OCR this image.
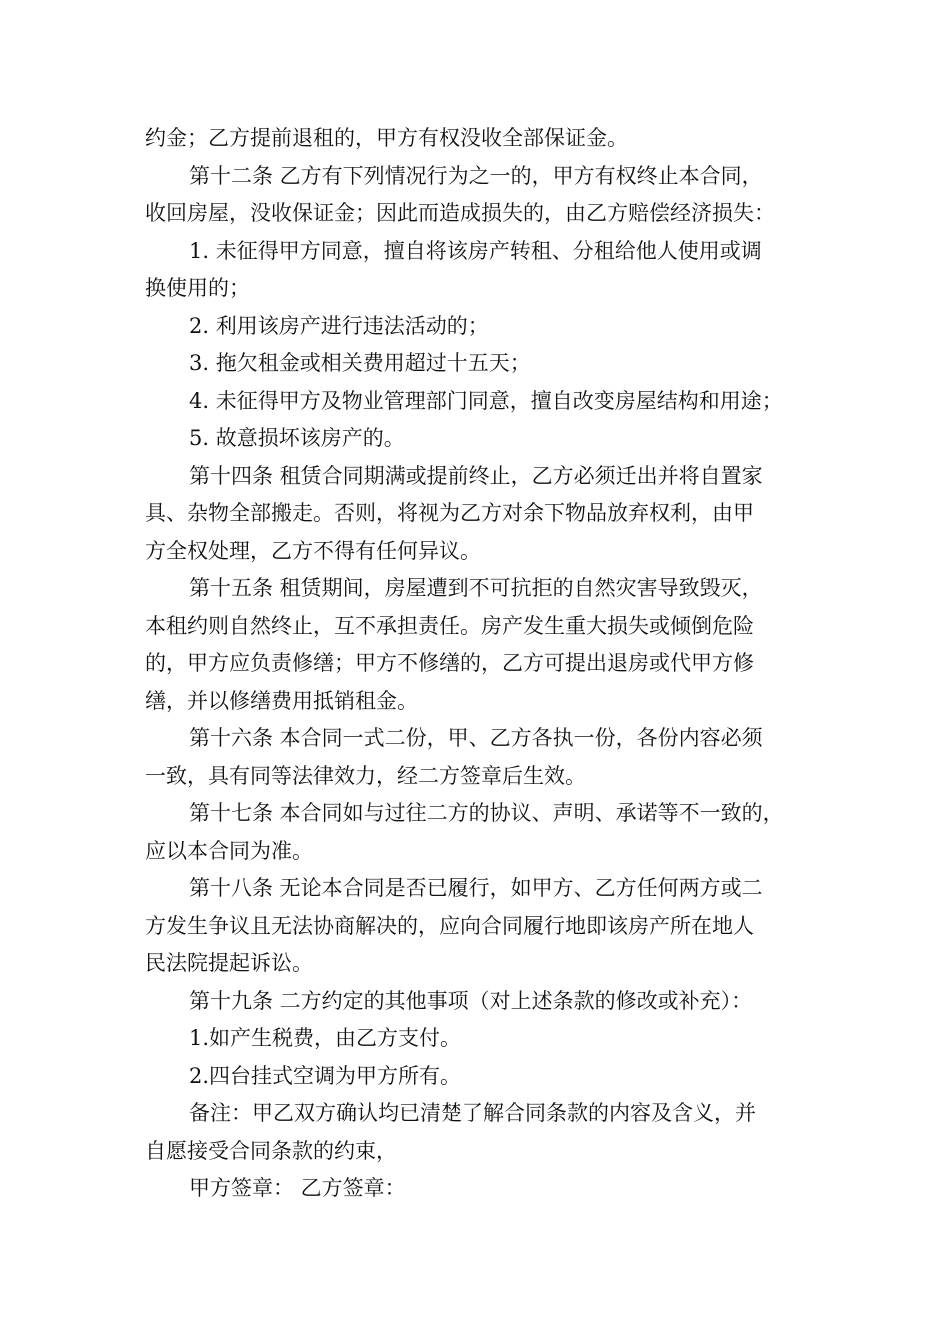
约金；乙方提前退租的，甲方有权没收全部保证金。
第十二条 乙方有下列情况行为之一的，甲方有权终止本合同，
收回房屋，没收保证金；因此而造成损失的，由乙方赔偿经济损失：
1. 未征得甲方同意，擅自将该房产转租、分租给他人使用或调
换使用的；
2. 利用该房产进行违法活动的；
3. 拖欠租金或相关费用超过十五天；
4. 未征得甲方及物业管理部门同意，擅自改变房屋结构和用途；
5. 故意损坏该房产的。
第十四条 租赁合同期满或提前终止，乙方必须迁出并将自置家
具、杂物全部搬走。否则，将视为乙方对余下物品放弃权利，由甲
方全权处理，乙方不得有任何异议。
第十五条 租赁期间，房屋遭到不可抗拒的自然灾害导致毁灭，
本租约则自然终止，互不承担责任。房产发生重大损失或倾倒危险
的，甲方应负责修缮；甲方不修缮的，乙方可提出退房或代甲方修
缮，并以修缮费用抵销租金。
第十六条 本合同一式二份，甲、乙方各执一份，各份内容必须
一致，具有同等法律效力，经二方签章后生效。
第十七条 本合同如与过往二方的协议、声明、承诺等不一致的，
应以本合同为准。
第十八条 无论本合同是否已履行，如甲方、乙方任何两方或二
方发生争议且无法协商解决的，应向合同履行地即该房产所在地人
民法院提起诉讼。
第十九条 二方约定的其他事项（对上述条款的修改或补充）：
1.如产生税费，由乙方支付。
2.四台挂式空调为甲方所有。
备注：甲乙双方确认均已清楚了解合同条款的内容及含义，并
自愿接受合同条款的约束，
甲方签章： 乙方签章：
